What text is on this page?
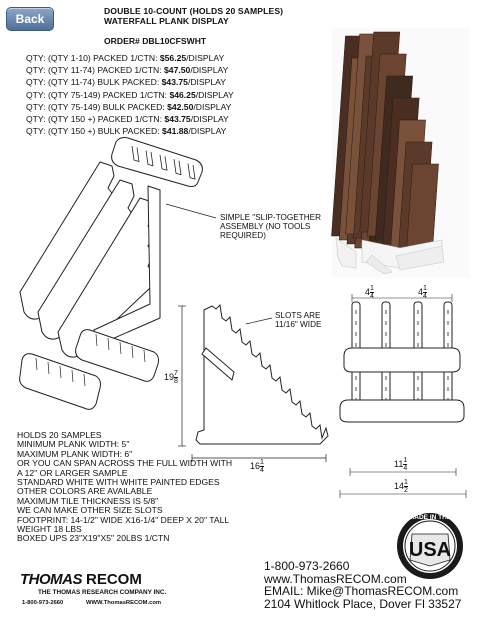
Back
DOUBLE 10-COUNT (HOLDS 20 SAMPLES)
WATERFALL PLANK DISPLAY
ORDER# DBL10CFSWHT
QTY: (QTY 1-10) PACKED 1/CTN: $56.25/DISPLAY
QTY: (QTY 11-74) PACKED 1/CTN: $47.50/DISPLAY
QTY: (QTY 11-74) BULK PACKED: $43.75/DISPLAY
QTY: (QTY 75-149) PACKED 1/CTN: $46.25/DISPLAY
QTY: (QTY 75-149) BULK PACKED: $42.50/DISPLAY
QTY: (QTY 150 +) PACKED 1/CTN: $43.75/DISPLAY
QTY: (QTY 150 +) BULK PACKED: $41.88/DISPLAY
MADE IN THE
USA
THOMAS RECOM
THE THOMAS RESEARCH COMPANY INC.
1-800-973-2660	WWW.ThomasRECOM.com
SIMPLE "SLIP-TOGETHER
ASSEMBLY (NO TOOLS
REQUIRED)
SLOTS ARE
11/16" WIDE
$19 \frac{7}{8}$
$16 \frac{1}{4}$
$4 \frac{1}{4}$	$4 \frac{1}{4}$
$11 \frac{1}{4}$
$14 \frac{1}{2}$
HOLDS 20 SAMPLES
MINIMUM PLANK WIDTH: 5"
MAXIMUM PLANK WIDTH: 6"
OR YOU CAN SPAN ACROSS THE FULL WIDTH WITH
A 12" OR LARGER SAMPLE
STANDARD WHITE WITH WHITE PAINTED EDGES
OTHER COLORS ARE AVAILABLE
MAXIMUM TILE THICKNESS IS 5/8"
WE CAN MAKE OTHER SIZE SLOTS
FOOTPRINT: 14-1/2" WIDE X16-1/4" DEEP X 20" TALL
WEIGHT 18 LBS
BOXED UPS 23"X19"X5" 20LBS 1/CTN
1-800-973-2660
www.ThomasRECOM.com
EMAIL: Mike@ThomasRECOM.com
2104 Whitlock Place, Dover Fl 33527
